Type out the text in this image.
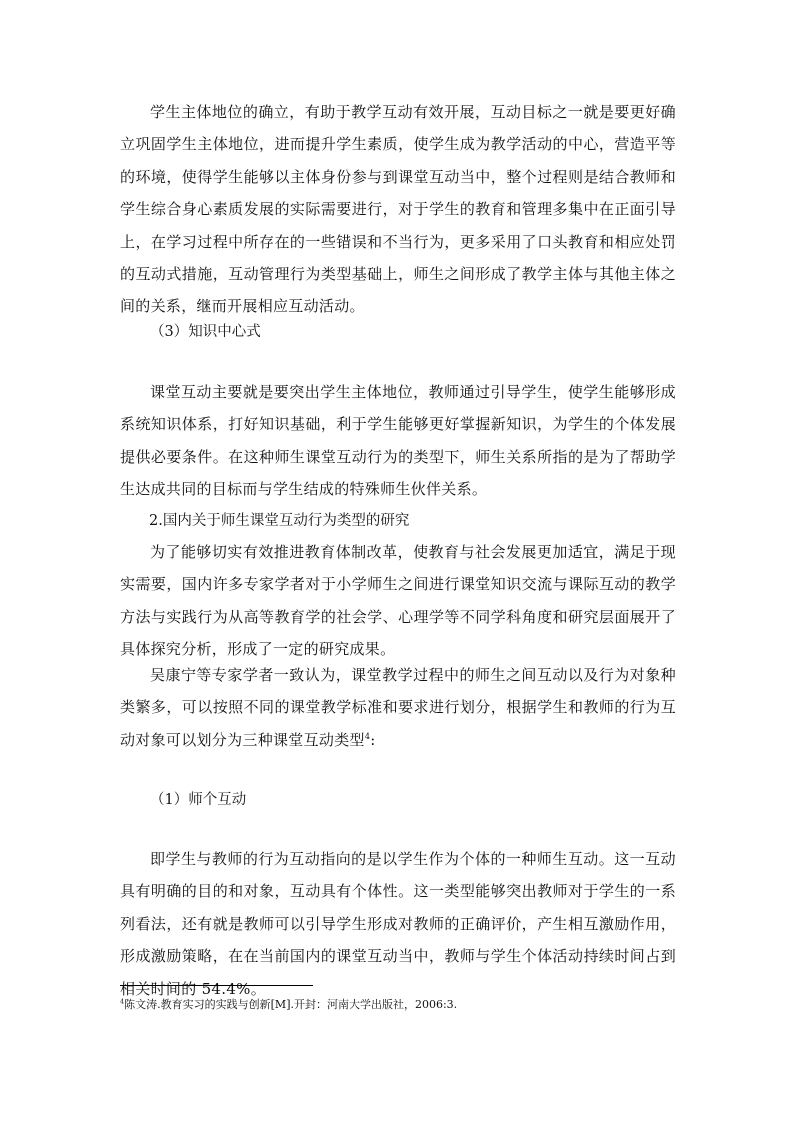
学生主体地位的确立，有助于教学互动有效开展，互动目标之一就是要更好确立巩固学生主体地位，进而提升学生素质，使学生成为教学活动的中心，营造平等的环境，使得学生能够以主体身份参与到课堂互动当中，整个过程则是结合教师和学生综合身心素质发展的实际需要进行，对于学生的教育和管理多集中在正面引导上，在学习过程中所存在的一些错误和不当行为，更多采用了口头教育和相应处罚的互动式措施，互动管理行为类型基础上，师生之间形成了教学主体与其他主体之间的关系，继而开展相应互动活动。

（3）知识中心式

课堂互动主要就是要突出学生主体地位，教师通过引导学生，使学生能够形成系统知识体系，打好知识基础，利于学生能够更好掌握新知识，为学生的个体发展提供必要条件。在这种师生课堂互动行为的类型下，师生关系所指的是为了帮助学生达成共同的目标而与学生结成的特殊师生伙伴关系。

2.国内关于师生课堂互动行为类型的研究

为了能够切实有效推进教育体制改革，使教育与社会发展更加适宜，满足于现实需要，国内许多专家学者对于小学师生之间进行课堂知识交流与课际互动的教学方法与实践行为从高等教育学的社会学、心理学等不同学科角度和研究层面展开了具体探究分析，形成了一定的研究成果。

吴康宁等专家学者一致认为，课堂教学过程中的师生之间互动以及行为对象种类繁多，可以按照不同的课堂教学标准和要求进行划分，根据学生和教师的行为互动对象可以划分为三种课堂互动类型$^4$:

（1）师个互动

即学生与教师的行为互动指向的是以学生作为个体的一种师生互动。这一互动具有明确的目的和对象，互动具有个体性。这一类型能够突出教师对于学生的一系列看法，还有就是教师可以引导学生形成对教师的正确评价，产生相互激励作用，形成激励策略，在在当前国内的课堂互动当中，教师与学生个体活动持续时间占到相关时间的 54.4%。

$^4$陈文涛.教育实习的实践与创新[M].开封：河南大学出版社，2006:3.
